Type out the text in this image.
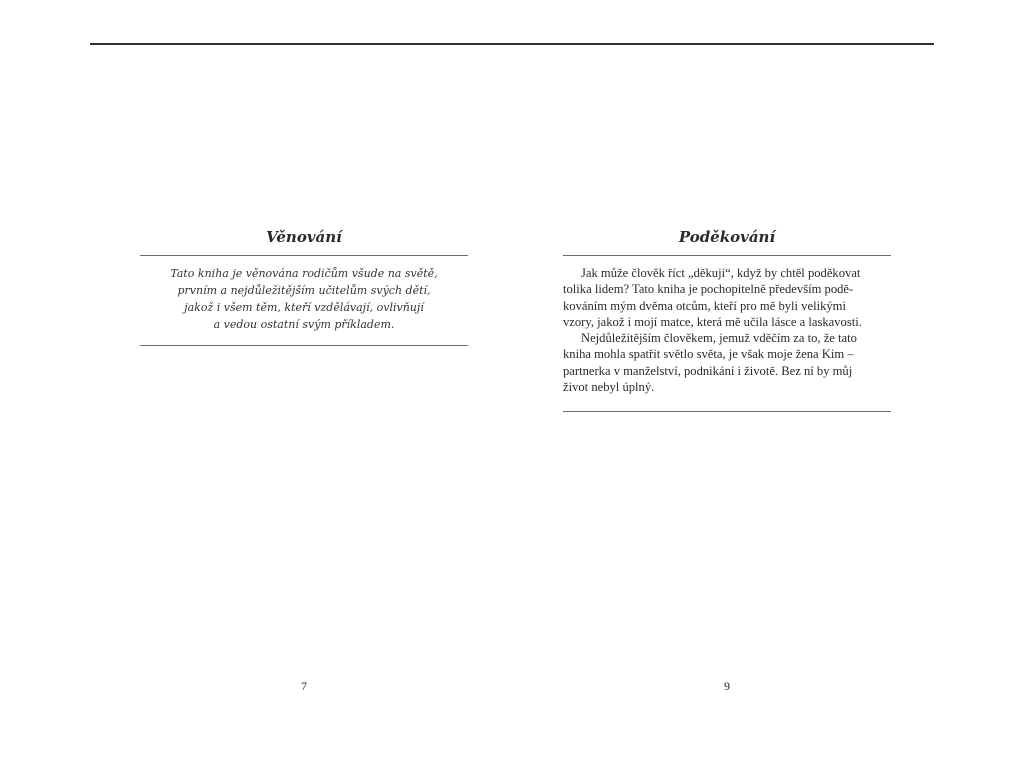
Věnování
Tato kniha je věnována rodičům všude na světě,
prvním a nejdůležitějším učitelům svých dětí,
jakož i všem těm, kteří vzdělávají, ovlivňují
a vedou ostatní svým příkladem.
7
Poděkování
Jak může člověk říct „děkuji“, když by chtěl poděkovat
tolika lidem? Tato kniha je pochopitelně především podě-
kováním mým dvěma otcům, kteří pro mě byli velikými
vzory, jakož i mojí matce, která mě učila lásce a laskavosti.
Nejdůležitějším člověkem, jemuž vděčím za to, že tato
kniha mohla spatřit světlo světa, je však moje žena Kim –
partnerka v manželství, podnikání i životě. Bez ní by můj
život nebyl úplný.
9
